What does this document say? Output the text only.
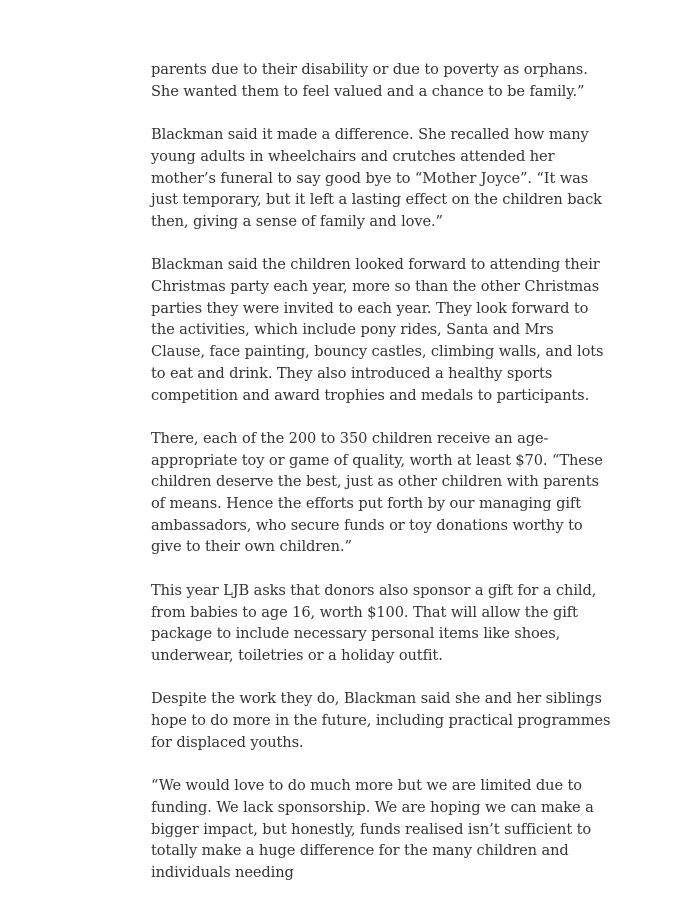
parents due to their disability or due to poverty as orphans. She wanted them to feel valued and a chance to be family.”

Blackman said it made a difference. She recalled how many young adults in wheelchairs and crutches attended her mother’s funeral to say good bye to “Mother Joyce”. “It was just temporary, but it left a lasting effect on the children back then, giving a sense of family and love.”

Blackman said the children looked forward to attending their Christmas party each year, more so than the other Christmas parties they were invited to each year. They look forward to the activities, which include pony rides, Santa and Mrs Clause, face painting, bouncy castles, climbing walls, and lots to eat and drink. They also introduced a healthy sports competition and award trophies and medals to participants.

There, each of the 200 to 350 children receive an age-appropriate toy or game of quality, worth at least $70. “These children deserve the best, just as other children with parents of means. Hence the efforts put forth by our managing gift ambassadors, who secure funds or toy donations worthy to give to their own children.”

This year LJB asks that donors also sponsor a gift for a child, from babies to age 16, worth $100. That will allow the gift package to include necessary personal items like shoes, underwear, toiletries or a holiday outfit.

Despite the work they do, Blackman said she and her siblings hope to do more in the future, including practical programmes for displaced youths.

“We would love to do much more but we are limited due to funding. We lack sponsorship. We are hoping we can make a bigger impact, but honestly, funds realised isn’t sufficient to totally make a huge difference for the many children and individuals needing
